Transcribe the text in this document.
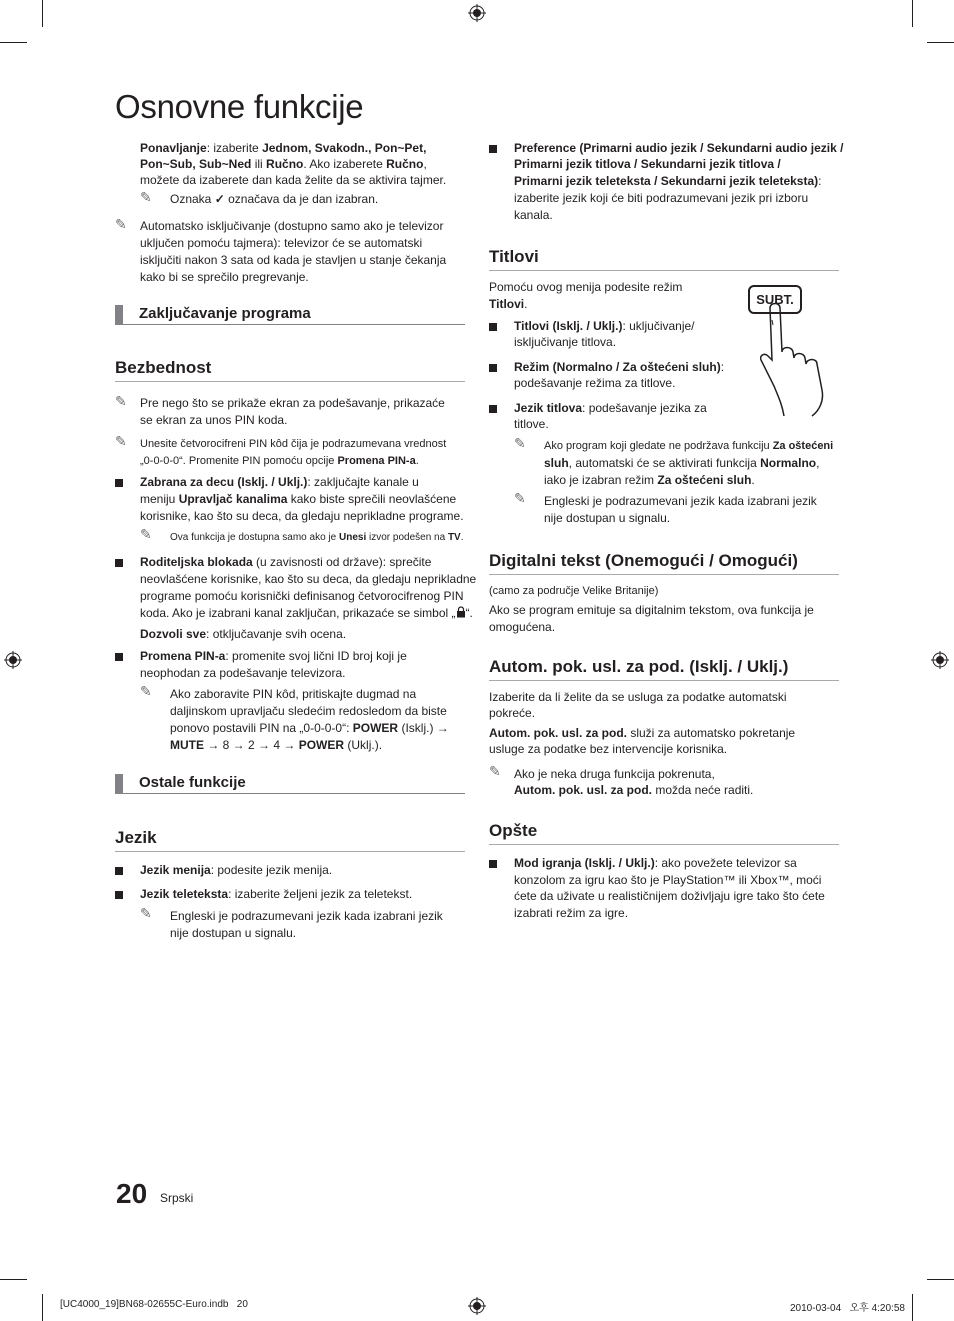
Osnovne funkcije

Ponavljanje: izaberite Jednom, Svakodn., Pon~Pet,

Pon~Sub, Sub~Ned ili Ručno. Ako izaberete Ručno,

možete da izaberete dan kada želite da se aktivira tajmer.

✎ Oznaka ✓ označava da je dan izabran.

✎ Automatsko isključivanje (dostupno samo ako je televizor

uključen pomoću tajmera): televizor će se automatski

isključiti nakon 3 sata od kada je stavljen u stanje čekanja

kako bi se sprečilo pregrevanje.

Zaključavanje programa
Bezbednost
✎ Pre nego što se prikaže ekran za podešavanje, prikazaće

se ekran za unos PIN koda.

✎ Unesite četvorocifreni PIN kôd čija je podrazumevana vrednost

„0-0-0-0“. Promenite PIN pomoću opcije Promena PIN-a.

Zabrana za decu (Isklj. / Uklj.): zaključajte kanale u

meniju Upravljač kanalima kako biste sprečili neovlašćene

korisnike, kao što su deca, da gledaju neprikladne programe.

✎ Ova funkcija je dostupna samo ako je Unesi izvor podešen na TV.

Roditeljska blokada (u zavisnosti od države): sprečite

neovlašćene korisnike, kao što su deca, da gledaju neprikladne

programe pomoću korisnički definisanog četvorocifrenog PIN

koda. Ako je izabrani kanal zaključan, prikazaće se simbol „ “.

Dozvoli sve: otključavanje svih ocena.

Promena PIN-a: promenite svoj lični ID broj koji je

neophodan za podešavanje televizora.

✎ Ako zaboravite PIN kôd, pritiskajte dugmad na

daljinskom upravljaču sledećim redosledom da biste

ponovo postavili PIN na „0-0-0-0“: POWER (Isklj.) →

MUTE → 8 → 2 → 4 → POWER (Uklj.).

Ostale funkcije
Jezik

Jezik menija: podesite jezik menija.

Jezik teleteksta: izaberite željeni jezik za teletekst.

✎ Engleski je podrazumevani jezik kada izabrani jezik

nije dostupan u signalu.

Preference (Primarni audio jezik / Sekundarni audio jezik /

Primarni jezik titlova / Sekundarni jezik titlova /

Primarni jezik teleteksta / Sekundarni jezik teleteksta):

izaberite jezik koji će biti podrazumevani jezik pri izboru

kanala.

Titlovi

Pomoću ovog menija podesite režim

Titlovi.	SUBT.

Titlovi (Isklj. / Uklj.): uključivanje/

isključivanje titlova.

Režim (Normalno / Za oštećeni sluh):

podešavanje režima za titlove.

Jezik titlova: podešavanje jezika za

titlove.

✎ Ako program koji gledate ne podržava funkciju Za oštećeni

sluh, automatski će se aktivirati funkcija Normalno,

iako je izabran režim Za oštećeni sluh.

✎ Engleski je podrazumevani jezik kada izabrani jezik

nije dostupan u signalu.

Digitalni tekst (Onemogući / Omogući)

(camo za područje Velike Britanije)

Ako se program emituje sa digitalnim tekstom, ova funkcija je

omogućena.

Autom. pok. usl. za pod. (Isklj. / Uklj.)

Izaberite da li želite da se usluga za podatke automatski

pokreće.

Autom. pok. usl. za pod. služi za automatsko pokretanje

usluge za podatke bez intervencije korisnika.

✎ Ako je neka druga funkcija pokrenuta,

Autom. pok. usl. za pod. možda neće raditi.

Opšte

Mod igranja (Isklj. / Uklj.): ako povežete televizor sa

konzolom za igru kao što je PlayStation™ ili Xbox™, moći

ćete da uživate u realističnijem doživljaju igre tako što ćete

izabrati režim za igre.

20 Srpski
[UC4000_19]BN68-02655C-Euro.indb   20	2010-03-04   오후 4:20:58
